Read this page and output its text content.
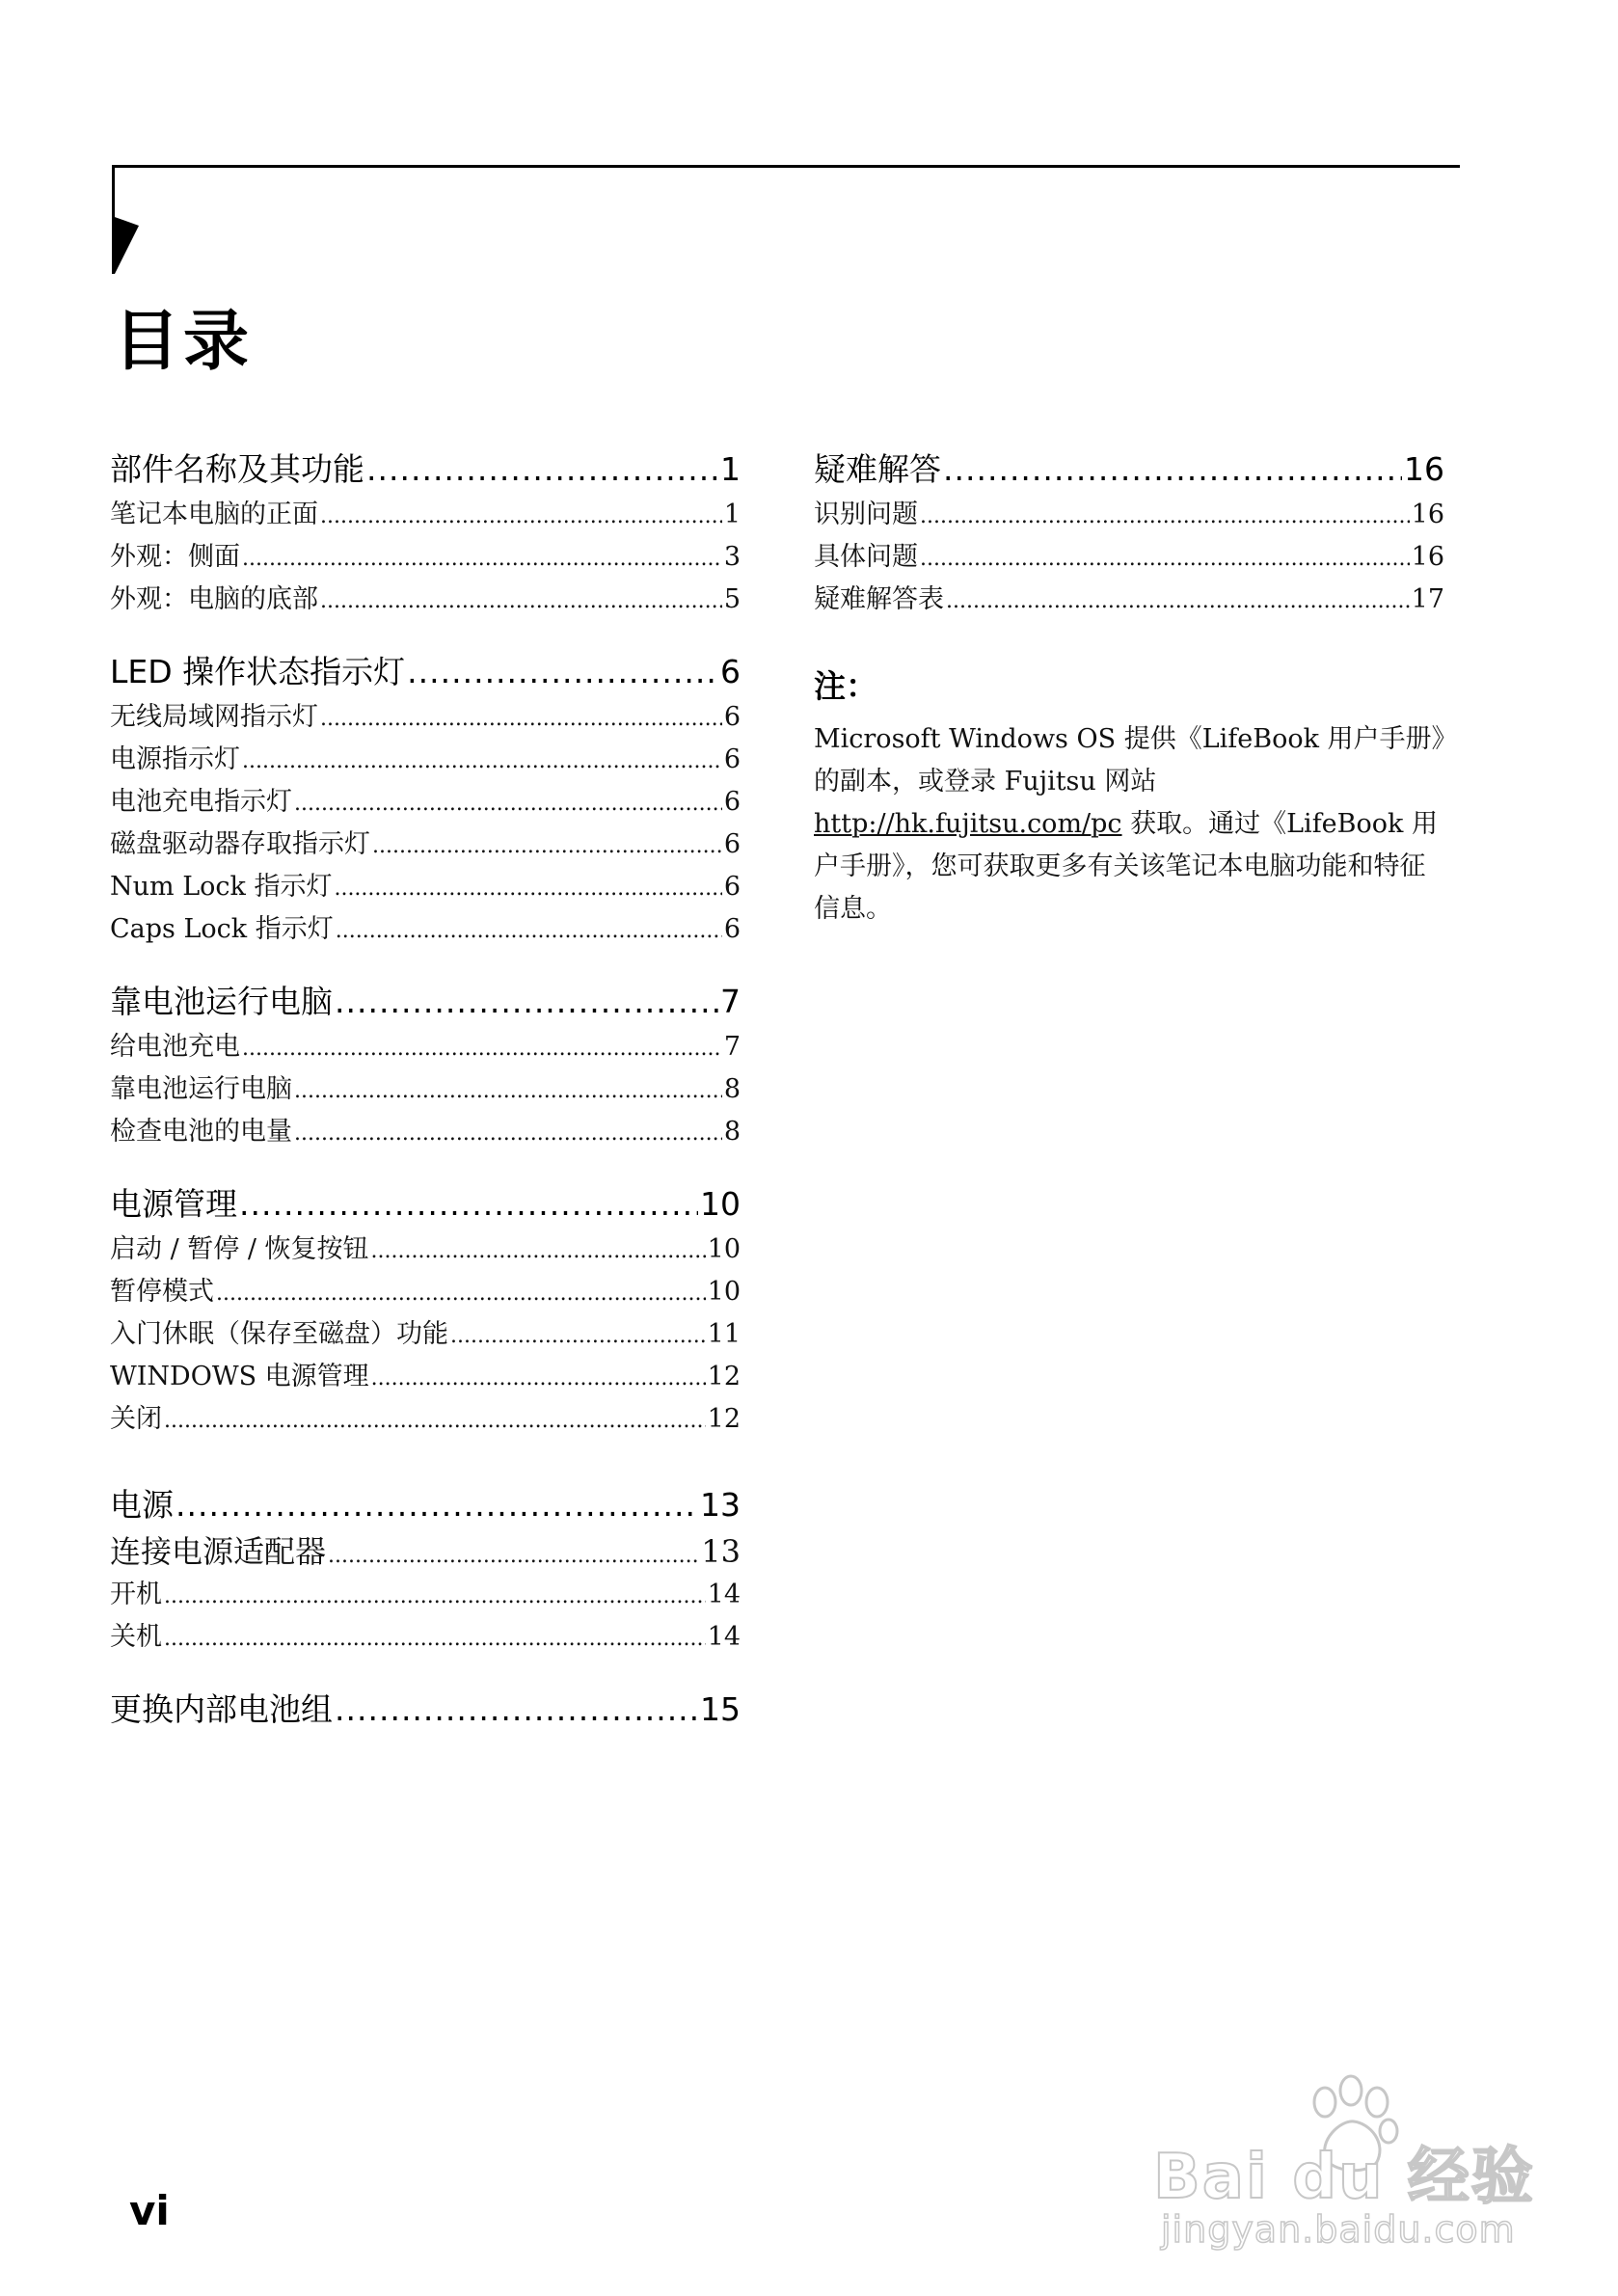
目录
部件名称及其功能 .....	1
笔记本电脑的正面 .....	1
外观：侧面 .....	3
外观：电脑的底部 .....	5
LED 操作状态指示灯 .....	6
无线局域网指示灯 .....	6
电源指示灯 .....	6
电池充电指示灯 .....	6
磁盘驱动器存取指示灯 .....	6
Num Lock 指示灯 .....	6
Caps Lock 指示灯 .....	6
靠电池运行电脑 .....	7
给电池充电 .....	7
靠电池运行电脑 .....	8
检查电池的电量 .....	8
电源管理 .....	10
启动 / 暂停 / 恢复按钮 .....	10
暂停模式 .....	10
入门休眠（保存至磁盘）功能 .....	11
WINDOWS 电源管理 .....	12
关闭 .....	12
电源 .....	13
连接电源适配器 .....	13
开机 .....	14
关机 .....	14
更换内部电池组 .....	15
疑难解答 .....	16
识别问题 .....	16
具体问题 .....	16
疑难解答表 .....	17
注：
Microsoft Windows OS 提供《LifeBook 用户手册》的副本，或登录 Fujitsu 网站 http://hk.fujitsu.com/pc 获取。通过《LifeBook 用户手册》，您可获取更多有关该笔记本电脑功能和特征信息。
vi	Bai du 经验
jingyan.baidu.com
